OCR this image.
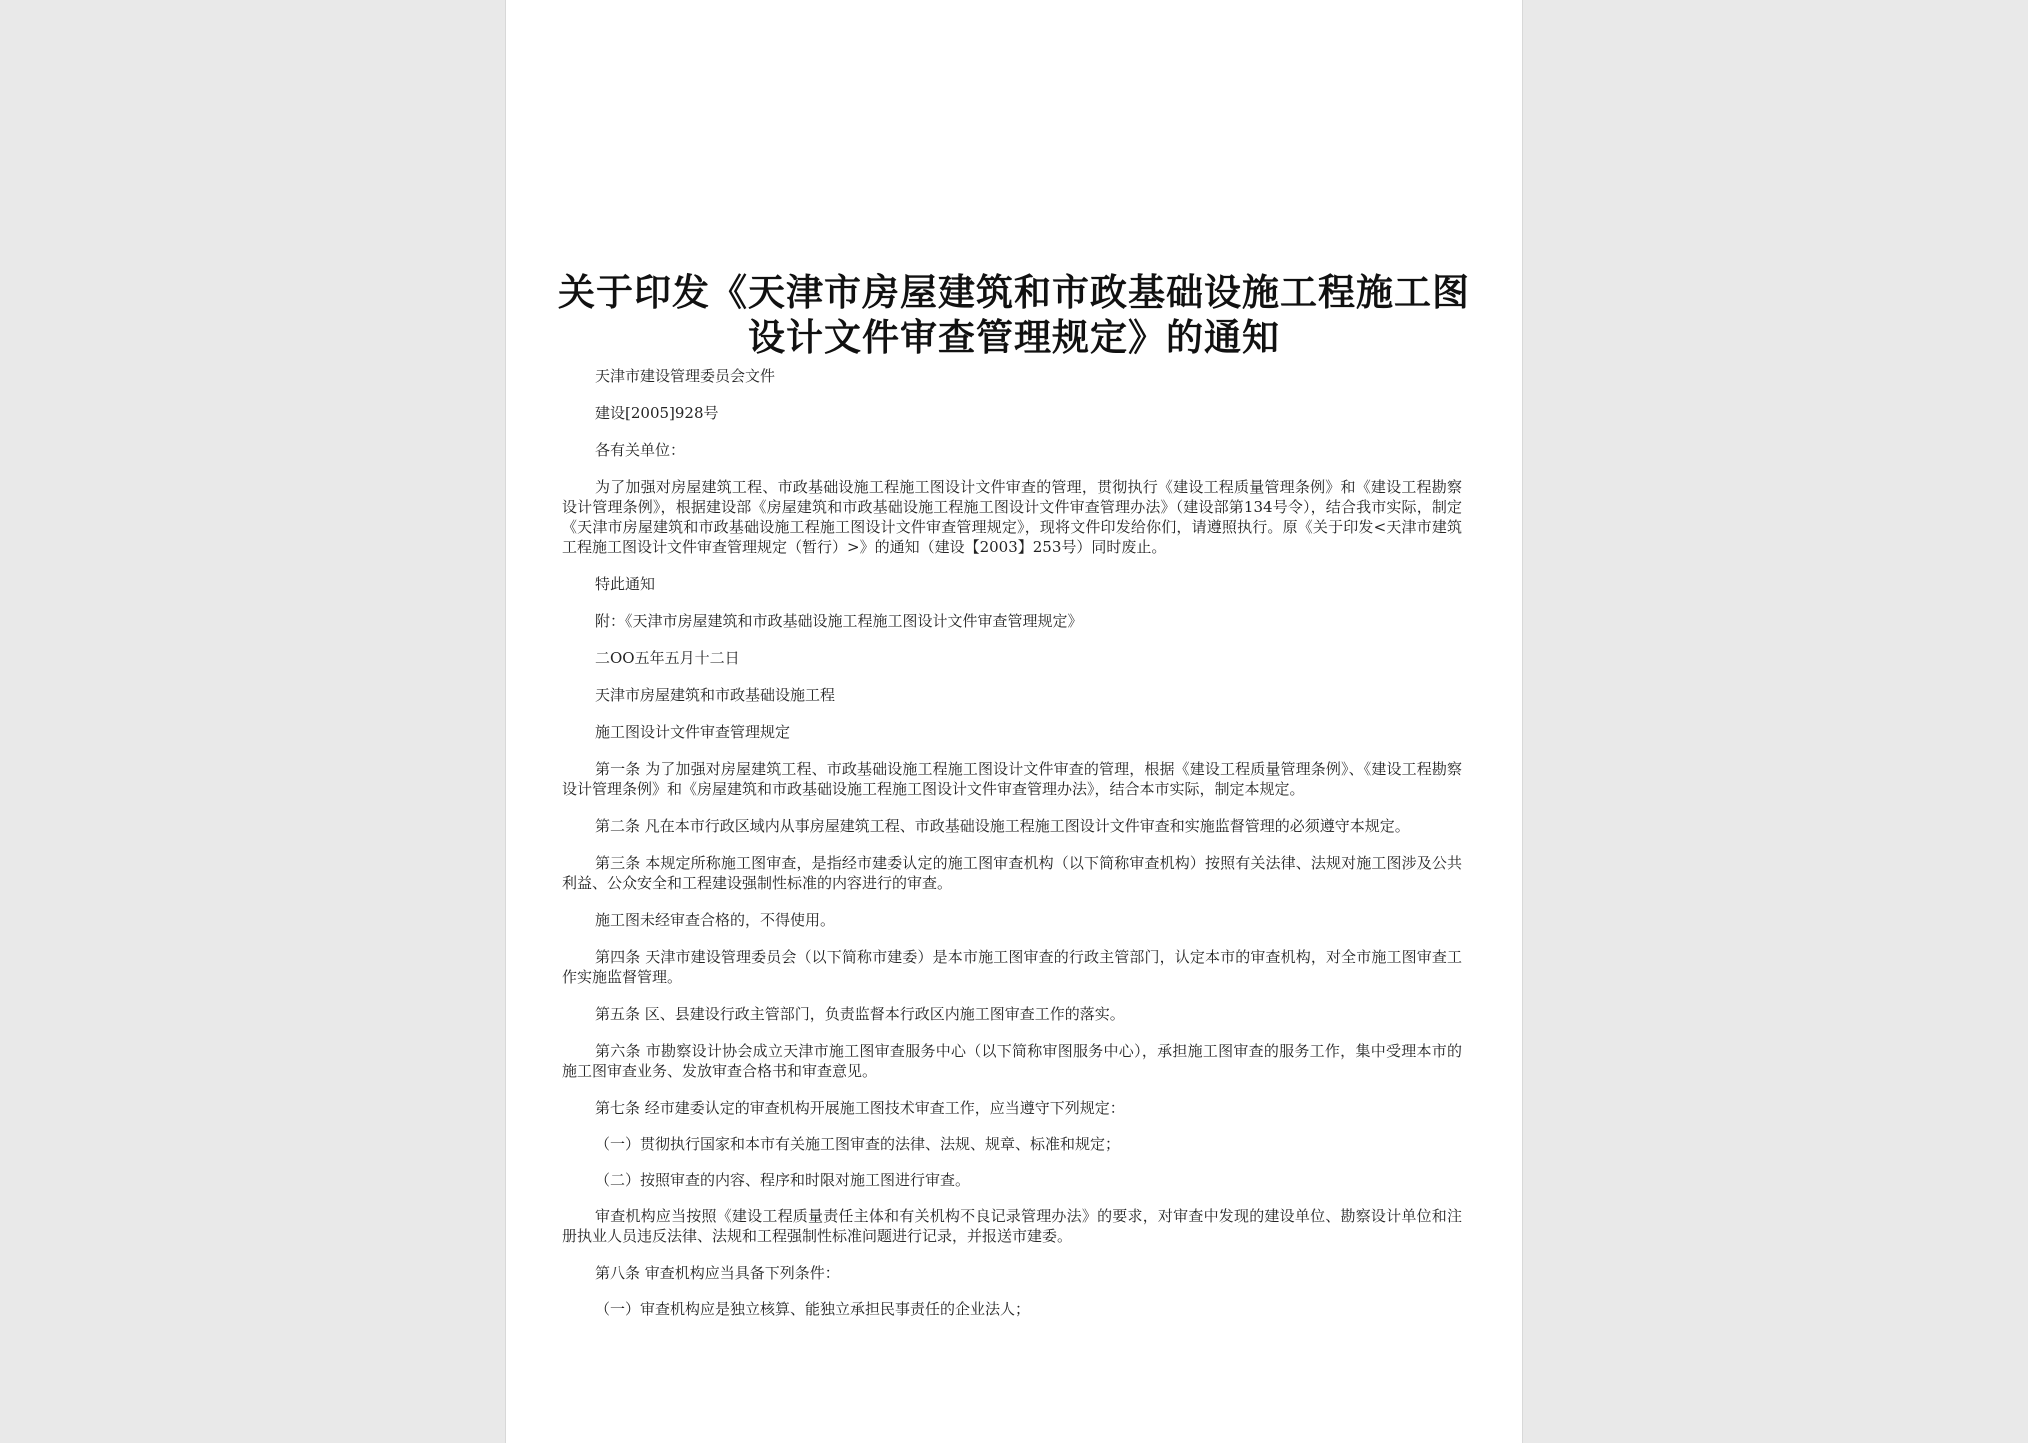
关于印发《天津市房屋建筑和市政基础设施工程施工图
设计文件审查管理规定》的通知

天津市建设管理委员会文件

建设[2005]928号

各有关单位：

为了加强对房屋建筑工程、市政基础设施工程施工图设计文件审查的管理，贯彻执行《建设工程质量管理条例》和《建设工程勘察设计管理条例》，根据建设部《房屋建筑和市政基础设施工程施工图设计文件审查管理办法》（建设部第134号令），结合我市实际，制定《天津市房屋建筑和市政基础设施工程施工图设计文件审查管理规定》，现将文件印发给你们，请遵照执行。原《关于印发<天津市建筑工程施工图设计文件审查管理规定（暂行）>》的通知（建设【2003】253号）同时废止。

特此通知

附：《天津市房屋建筑和市政基础设施工程施工图设计文件审查管理规定》

二OO五年五月十二日

天津市房屋建筑和市政基础设施工程

施工图设计文件审查管理规定

第一条 为了加强对房屋建筑工程、市政基础设施工程施工图设计文件审查的管理，根据《建设工程质量管理条例》、《建设工程勘察设计管理条例》和《房屋建筑和市政基础设施工程施工图设计文件审查管理办法》，结合本市实际，制定本规定。

第二条 凡在本市行政区域内从事房屋建筑工程、市政基础设施工程施工图设计文件审查和实施监督管理的必须遵守本规定。

第三条 本规定所称施工图审查，是指经市建委认定的施工图审查机构（以下简称审查机构）按照有关法律、法规对施工图涉及公共利益、公众安全和工程建设强制性标准的内容进行的审查。

施工图未经审查合格的，不得使用。

第四条 天津市建设管理委员会（以下简称市建委）是本市施工图审查的行政主管部门，认定本市的审查机构，对全市施工图审查工作实施监督管理。

第五条 区、县建设行政主管部门，负责监督本行政区内施工图审查工作的落实。

第六条 市勘察设计协会成立天津市施工图审查服务中心（以下简称审图服务中心），承担施工图审查的服务工作，集中受理本市的施工图审查业务、发放审查合格书和审查意见。

第七条 经市建委认定的审查机构开展施工图技术审查工作，应当遵守下列规定：

（一）贯彻执行国家和本市有关施工图审查的法律、法规、规章、标准和规定；

（二）按照审查的内容、程序和时限对施工图进行审查。

审查机构应当按照《建设工程质量责任主体和有关机构不良记录管理办法》的要求，对审查中发现的建设单位、勘察设计单位和注册执业人员违反法律、法规和工程强制性标准问题进行记录，并报送市建委。

第八条 审查机构应当具备下列条件：

（一）审查机构应是独立核算、能独立承担民事责任的企业法人；
